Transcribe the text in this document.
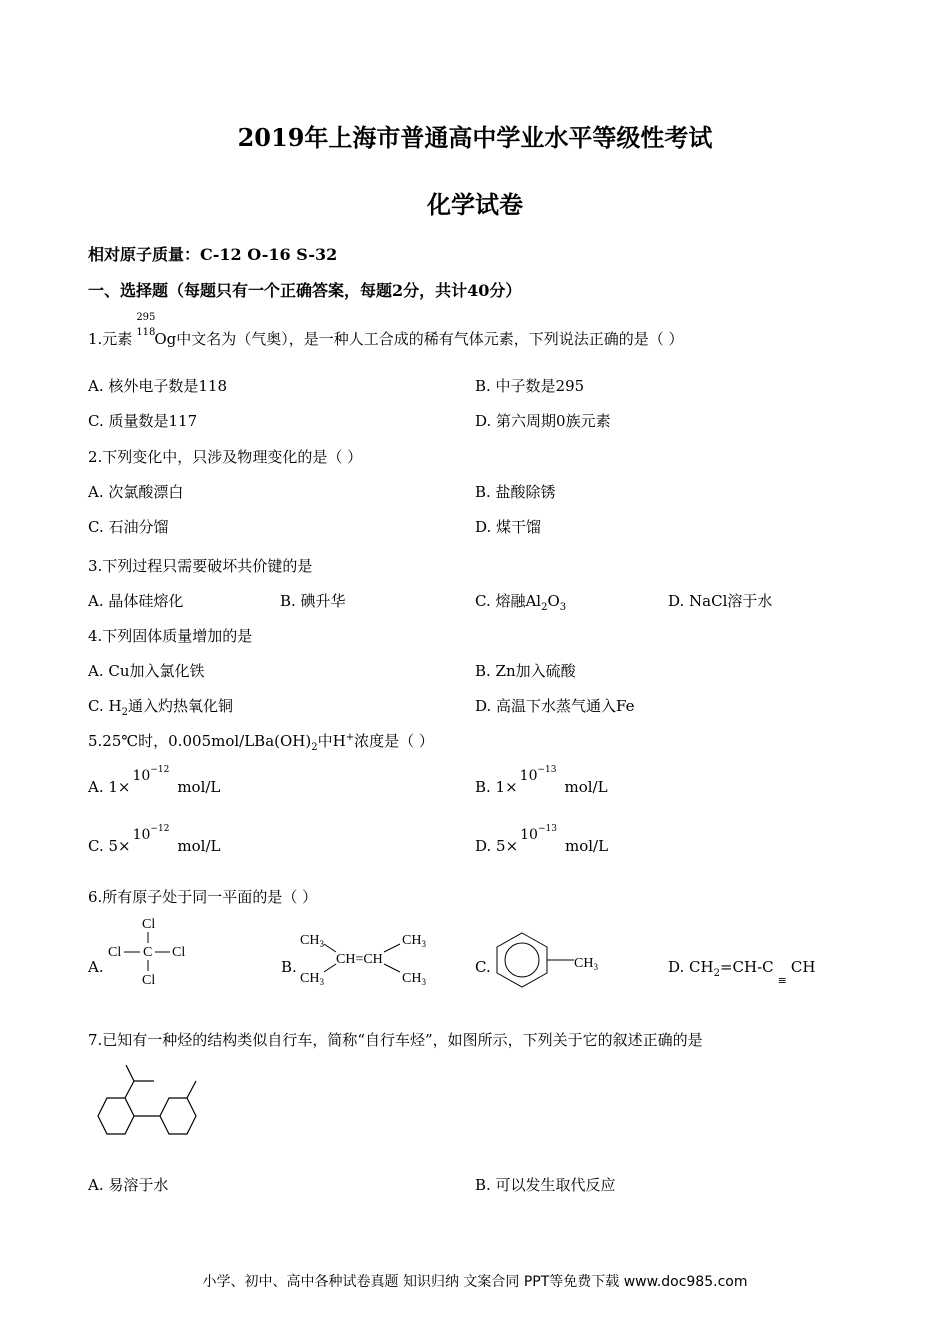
2019年上海市普通高中学业水平等级性考试
化学试卷
相对原子质量：C-12 O-16 S-32
一、选择题（每题只有一个正确答案，每题2分，共计40分）
1.元素
295
118
Og中文名为（气奥），是一种人工合成的稀有气体元素，下列说法正确的是（ ）
A. 核外电子数是118	B. 中子数是295
C. 质量数是117	D. 第六周期0族元素
2.下列变化中，只涉及物理变化的是（ ）
A. 次氯酸漂白	B. 盐酸除锈
C. 石油分馏	D. 煤干馏
3.下列过程只需要破坏共价键的是
A. 晶体硅熔化	B. 碘升华	C. 熔融$Al_2O_3$	D. NaCl溶于水
4.下列固体质量增加的是
A. Cu加入氯化铁	B. Zn加入硫酸
C. $H_2$通入灼热氧化铜	D. 高温下水蒸气通入Fe
5.25℃时，$0.005mol/LBa(OH)_2$中H+浓度是（ ）
A. $1\times 10^{-12}mol/L$	B. $1\times 10^{-13}mol/L$
C. $5\times 10^{-12}mol/L$	D. $5\times 10^{-13}mol/L$
6.所有原子处于同一平面的是（ ）
A.
Cl
Cl C Cl
Cl
B.
$CH_3$
$CH_3$
CH=CH
$CH_3$
$CH_3$
C.	$CH_3$	D. $CH_2=CH-C_\equiv CH$
7.已知有一种烃的结构类似自行车，简称“自行车烃”，如图所示，下列关于它的叙述正确的是
A. 易溶于水	B. 可以发生取代反应
小学、初中、高中各种试卷真题 知识归纳 文案合同 PPT等免费下载 www.doc985.com
